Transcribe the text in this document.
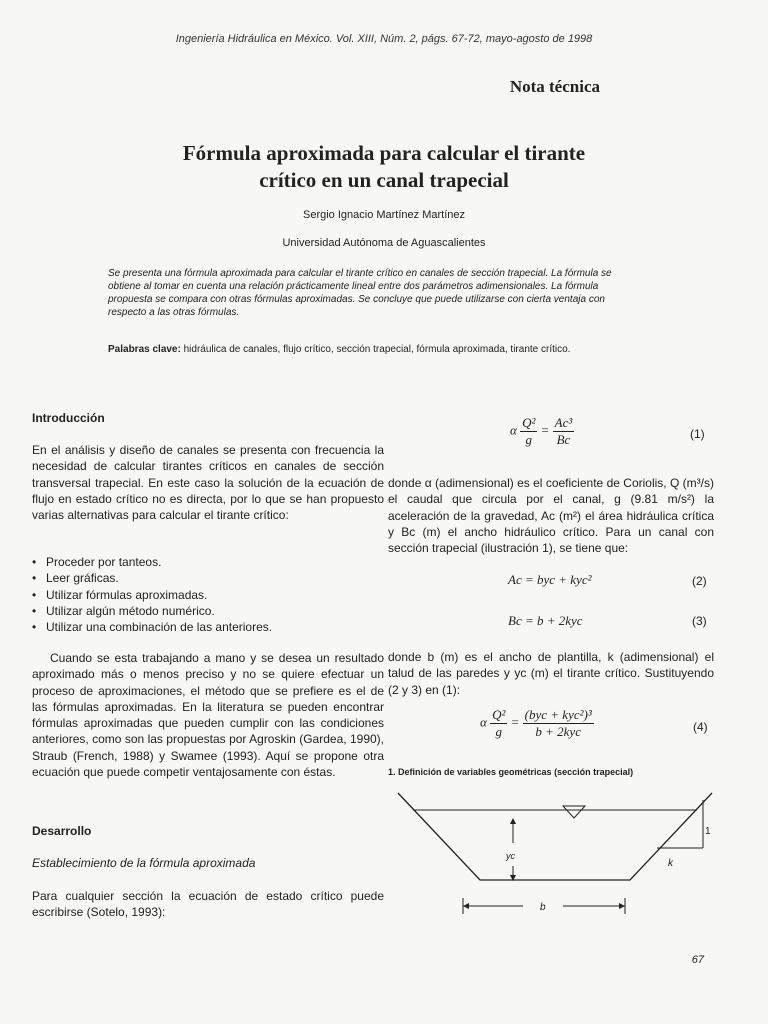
Ingeniería Hidráulica en México. Vol. XIII, Núm. 2, págs. 67-72, mayo-agosto de 1998
Nota técnica
Fórmula aproximada para calcular el tirante
crítico en un canal trapecial
Sergio Ignacio Martínez Martínez
Universidad Autónoma de Aguascalientes
Se presenta una fórmula aproximada para calcular el tirante crítico en canales de sección trapecial. La fórmula se obtiene al tomar en cuenta una relación prácticamente lineal entre dos parámetros adimensionales. La fórmula propuesta se compara con otras fórmulas aproximadas. Se concluye que puede utilizarse con cierta ventaja con respecto a las otras fórmulas.
Palabras clave: hidráulica de canales, flujo crítico, sección trapecial, fórmula aproximada, tirante crítico.
Introducción
En el análisis y diseño de canales se presenta con frecuencia la necesidad de calcular tirantes críticos en canales de sección transversal trapecial. En este caso la solución de la ecuación de flujo en estado crítico no es directa, por lo que se han propuesto varias alternativas para calcular el tirante crítico:
• Proceder por tanteos.
• Leer gráficas.
• Utilizar fórmulas aproximadas.
• Utilizar algún método numérico.
• Utilizar una combinación de las anteriores.
Cuando se esta trabajando a mano y se desea un resultado aproximado más o menos preciso y no se quiere efectuar un proceso de aproximaciones, el método que se prefiere es el de las fórmulas aproximadas. En la literatura se pueden encontrar fórmulas aproximadas que pueden cumplir con las condiciones anteriores, como son las propuestas por Agroskin (Gardea, 1990), Straub (French, 1988) y Swamee (1993). Aquí se propone otra ecuación que puede competir ventajosamente con éstas.
Desarrollo
Establecimiento de la fórmula aproximada
Para cualquier sección la ecuación de estado crítico puede escribirse (Sotelo, 1993):
α $\frac{\text{Q²}}{g} = \frac{\text{Ac³}}{Bc}$	(1)
donde α (adimensional) es el coeficiente de Coriolis, Q (m³/s) el caudal que circula por el canal, g (9.81 m/s²) la aceleración de la gravedad, Ac (m²) el área hidráulica crítica y Bc (m) el ancho hidráulico crítico. Para un canal con sección trapecial (ilustración 1), se tiene que:
Ac = byc + kyc²	(2)
Bc = b + 2kyc	(3)
donde b (m) es el ancho de plantilla, k (adimensional) el talud de las paredes y yc (m) el tirante crítico. Sustituyendo (2 y 3) en (1):
α $\frac{\text{Q²}}{g} = \frac{\text{(byc + kyc²)³}}{\text{b + 2kyc}}$	(4)
1. Definición de variables geométricas (sección trapecial)
1
k
yc
b
67
